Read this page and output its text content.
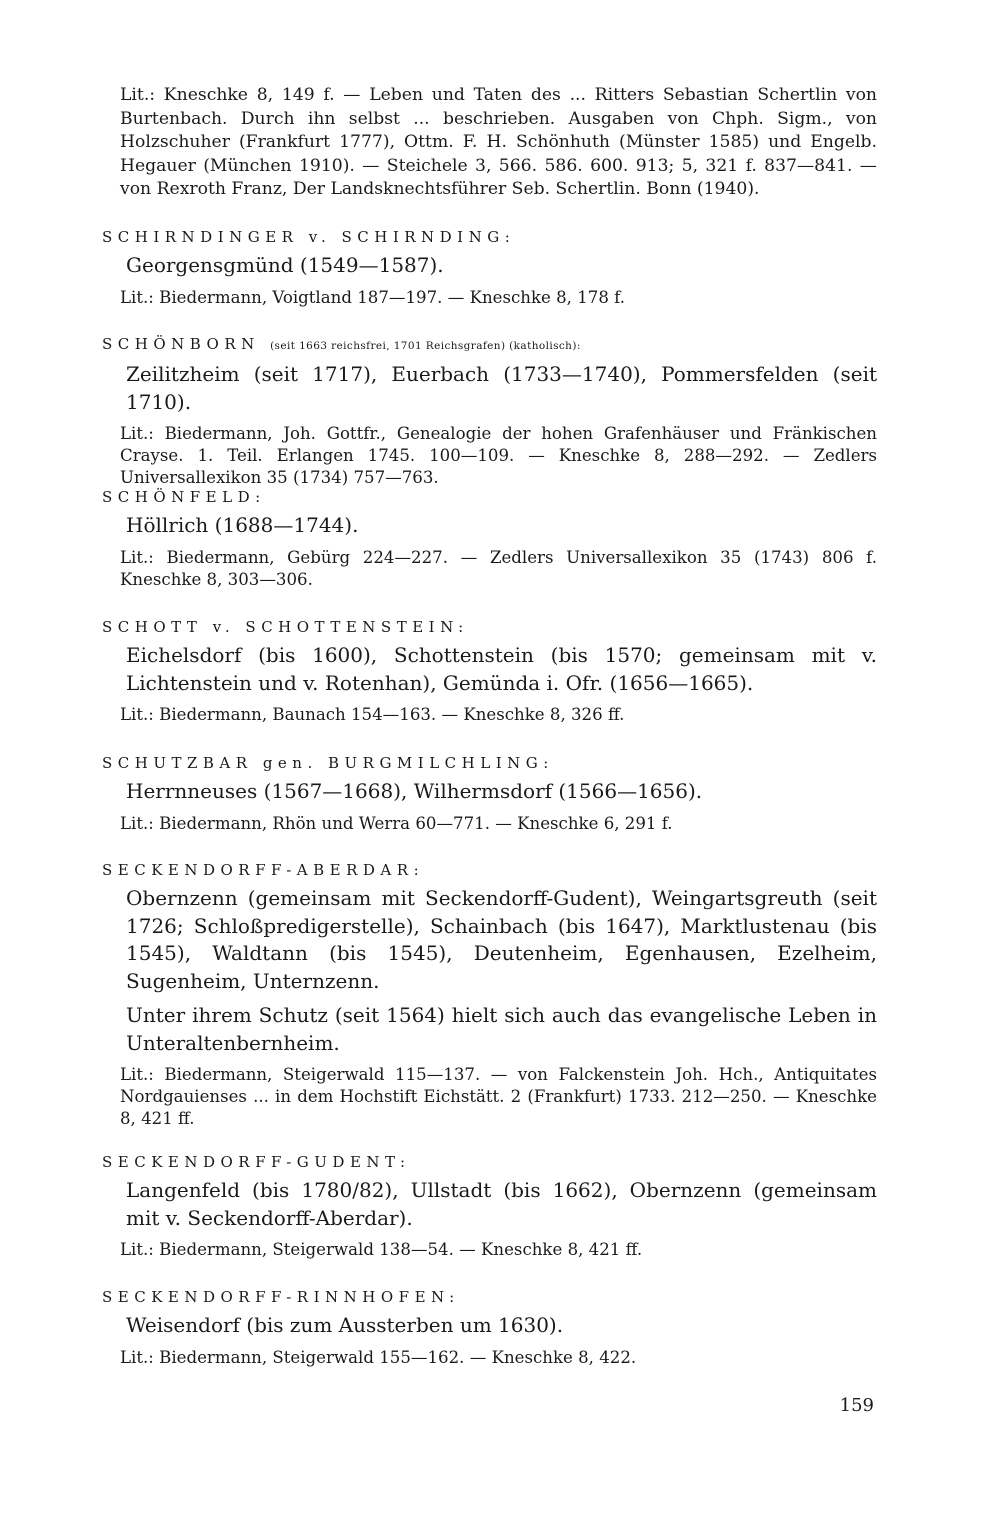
Lit.: Kneschke 8, 149 f. — Leben und Taten des ... Ritters Sebastian Schertlin von Burtenbach. Durch ihn selbst ... beschrieben. Ausgaben von Chph. Sigm., von Holzschuher (Frankfurt 1777), Ottm. F. H. Schönhuth (Münster 1585) und Engelb. Hegauer (München 1910). — Steichele 3, 566. 586. 600. 913; 5, 321 f. 837—841. — von Rexroth Franz, Der Landsknechtsführer Seb. Schertlin. Bonn (1940).
SCHIRNDINGER v. SCHIRNDING:

Georgensgmünd (1549—1587).

Lit.: Biedermann, Voigtland 187—197. — Kneschke 8, 178 f.
SCHÖNBORN (seit 1663 reichsfrei, 1701 Reichsgrafen) (katholisch):

Zeilitzheim (seit 1717), Euerbach (1733—1740), Pommersfelden (seit 1710).

Lit.: Biedermann, Joh. Gottfr., Genealogie der hohen Grafenhäuser und Fränkischen Crayse. 1. Teil. Erlangen 1745. 100—109. — Kneschke 8, 288—292. — Zedlers Universallexikon 35 (1734) 757—763.
SCHÖNFELD:

Höllrich (1688—1744).

Lit.: Biedermann, Gebürg 224—227. — Zedlers Universallexikon 35 (1743) 806 f. Kneschke 8, 303—306.
SCHOTT v. SCHOTTENSTEIN:

Eichelsdorf (bis 1600), Schottenstein (bis 1570; gemeinsam mit v. Lichtenstein und v. Rotenhan), Gemünda i. Ofr. (1656—1665).

Lit.: Biedermann, Baunach 154—163. — Kneschke 8, 326 ff.
SCHUTZBAR gen. BURGMILCHLING:

Herrnneuses (1567—1668), Wilhermsdorf (1566—1656).

Lit.: Biedermann, Rhön und Werra 60—771. — Kneschke 6, 291 f.
SECKENDORFF-ABERDAR:

Obernzenn (gemeinsam mit Seckendorff-Gudent), Weingartsgreuth (seit 1726; Schloßpredigerstelle), Schainbach (bis 1647), Marktlustenau (bis 1545), Waldtann (bis 1545), Deutenheim, Egenhausen, Ezelheim, Sugenheim, Unternzenn.

Unter ihrem Schutz (seit 1564) hielt sich auch das evangelische Leben in Unteraltenbernheim.

Lit.: Biedermann, Steigerwald 115—137. — von Falckenstein Joh. Hch., Antiquitates Nordgauienses ... in dem Hochstift Eichstätt. 2 (Frankfurt) 1733. 212—250. — Kneschke 8, 421 ff.
SECKENDORFF-GUDENT:

Langenfeld (bis 1780/82), Ullstadt (bis 1662), Obernzenn (gemeinsam mit v. Seckendorff-Aberdar).

Lit.: Biedermann, Steigerwald 138—54. — Kneschke 8, 421 ff.
SECKENDORFF-RINNHOFEN:

Weisendorf (bis zum Aussterben um 1630).

Lit.: Biedermann, Steigerwald 155—162. — Kneschke 8, 422.
159
